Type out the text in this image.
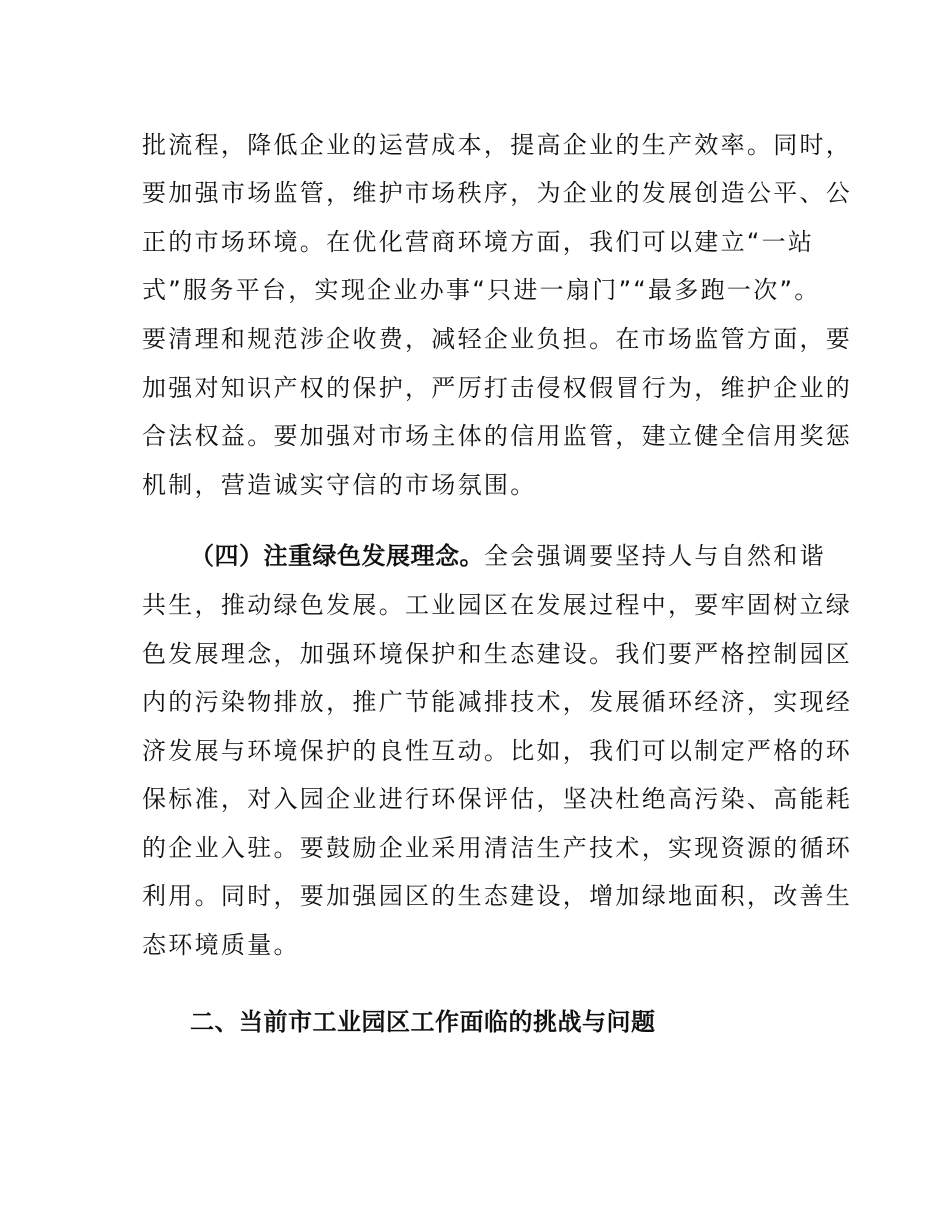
批流程，降低企业的运营成本，提高企业的生产效率。同时，
要加强市场监管，维护市场秩序，为企业的发展创造公平、公
正的市场环境。在优化营商环境方面，我们可以建立“一站
式”服务平台，实现企业办事“只进一扇门”“最多跑一次”。
要清理和规范涉企收费，减轻企业负担。在市场监管方面，要
加强对知识产权的保护，严厉打击侵权假冒行为，维护企业的
合法权益。要加强对市场主体的信用监管，建立健全信用奖惩
机制，营造诚实守信的市场氛围。
（四）注重绿色发展理念。全会强调要坚持人与自然和谐
共生，推动绿色发展。工业园区在发展过程中，要牢固树立绿
色发展理念，加强环境保护和生态建设。我们要严格控制园区
内的污染物排放，推广节能减排技术，发展循环经济，实现经
济发展与环境保护的良性互动。比如，我们可以制定严格的环
保标准，对入园企业进行环保评估，坚决杜绝高污染、高能耗
的企业入驻。要鼓励企业采用清洁生产技术，实现资源的循环
利用。同时，要加强园区的生态建设，增加绿地面积，改善生
态环境质量。
二、当前市工业园区工作面临的挑战与问题
